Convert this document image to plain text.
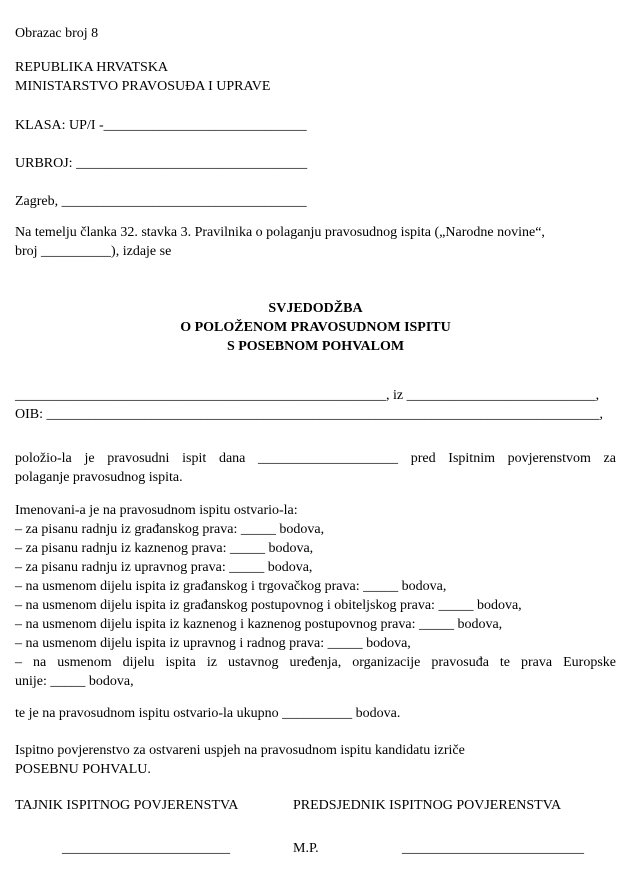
Obrazac broj 8
REPUBLIKA HRVATSKA
MINISTARSTVO PRAVOSUĐA I UPRAVE
KLASA: UP/I -_____________________________
URBROJ: _________________________________
Zagreb, ___________________________________
Na temelju članka 32. stavka 3. Pravilnika o polaganju pravosudnog ispita („Narodne novine“,
broj __________), izdaje se
SVJEDODŽBA
O POLOŽENOM PRAVOSUDNOM ISPITU
S POSEBNOM POHVALOM
_____________________________________________________, iz ___________________________,
OIB: _______________________________________________________________________________,
položio-la je pravosudni ispit dana ____________________ pred Ispitnim povjerenstvom za
polaganje pravosudnog ispita.
Imenovani-a je na pravosudnom ispitu ostvario-la:
– za pisanu radnju iz građanskog prava: _____ bodova,
– za pisanu radnju iz kaznenog prava: _____ bodova,
– za pisanu radnju iz upravnog prava: _____ bodova,
– na usmenom dijelu ispita iz građanskog i trgovačkog prava: _____ bodova,
– na usmenom dijelu ispita iz građanskog postupovnog i obiteljskog prava: _____ bodova,
– na usmenom dijelu ispita iz kaznenog i kaznenog postupovnog prava: _____ bodova,
– na usmenom dijelu ispita iz upravnog i radnog prava: _____ bodova,
– na usmenom dijelu ispita iz ustavnog uređenja, organizacije pravosuđa te prava Europske
unije: _____ bodova,
te je na pravosudnom ispitu ostvario-la ukupno __________ bodova.
Ispitno povjerenstvo za ostvareni uspjeh na pravosudnom ispitu kandidatu izriče
POSEBNU POHVALU.
TAJNIK ISPITNOG POVJERENSTVA	PREDSJEDNIK ISPITNOG POVJERENSTVA
________________________	M.P.	__________________________
